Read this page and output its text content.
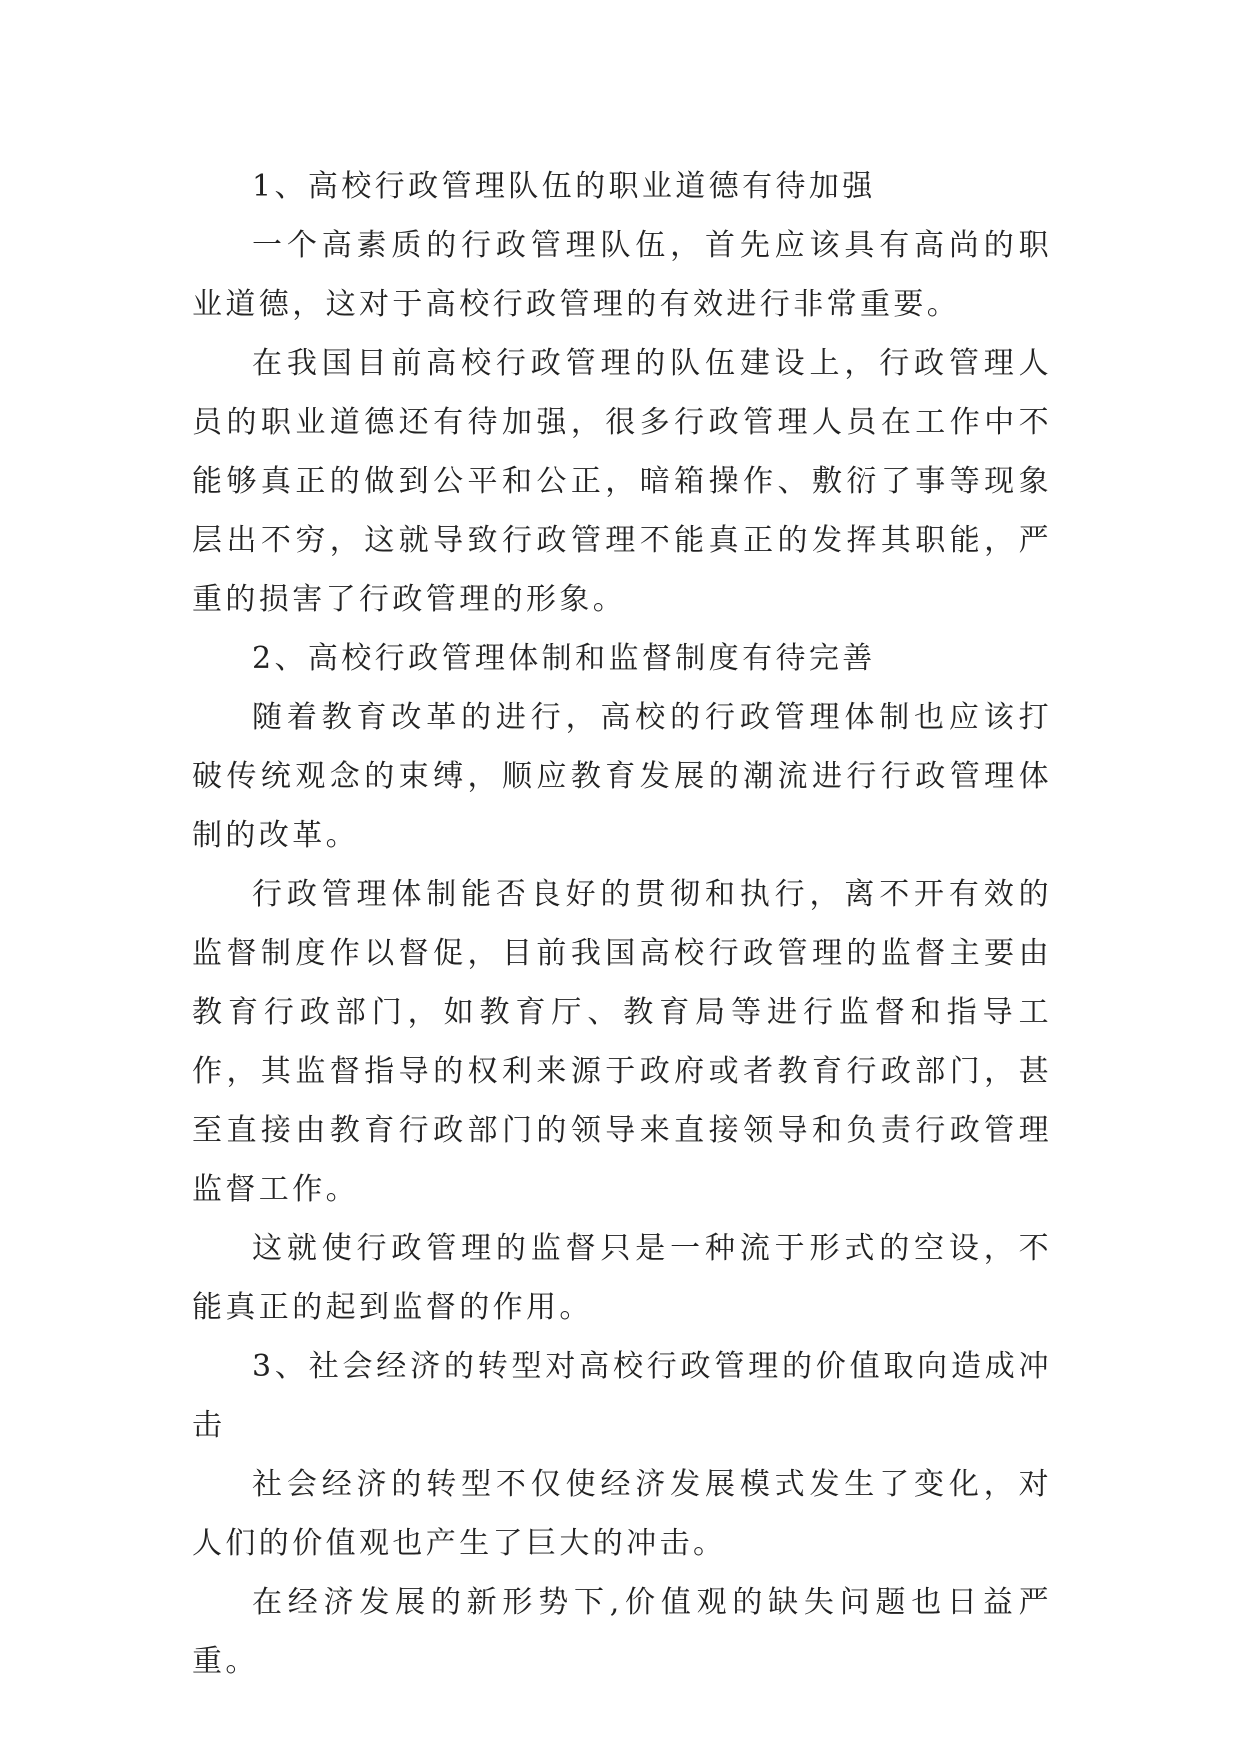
1、高校行政管理队伍的职业道德有待加强

一个高素质的行政管理队伍，首先应该具有高尚的职业道德，这对于高校行政管理的有效进行非常重要。

在我国目前高校行政管理的队伍建设上，行政管理人员的职业道德还有待加强，很多行政管理人员在工作中不能够真正的做到公平和公正，暗箱操作、敷衍了事等现象层出不穷，这就导致行政管理不能真正的发挥其职能，严重的损害了行政管理的形象。

2、高校行政管理体制和监督制度有待完善

随着教育改革的进行，高校的行政管理体制也应该打破传统观念的束缚，顺应教育发展的潮流进行行政管理体制的改革。

行政管理体制能否良好的贯彻和执行，离不开有效的监督制度作以督促，目前我国高校行政管理的监督主要由教育行政部门，如教育厅、教育局等进行监督和指导工作，其监督指导的权利来源于政府或者教育行政部门，甚至直接由教育行政部门的领导来直接领导和负责行政管理监督工作。

这就使行政管理的监督只是一种流于形式的空设，不能真正的起到监督的作用。

3、社会经济的转型对高校行政管理的价值取向造成冲击

社会经济的转型不仅使经济发展模式发生了变化，对人们的价值观也产生了巨大的冲击。

在经济发展的新形势下,价值观的缺失问题也日益严重。
